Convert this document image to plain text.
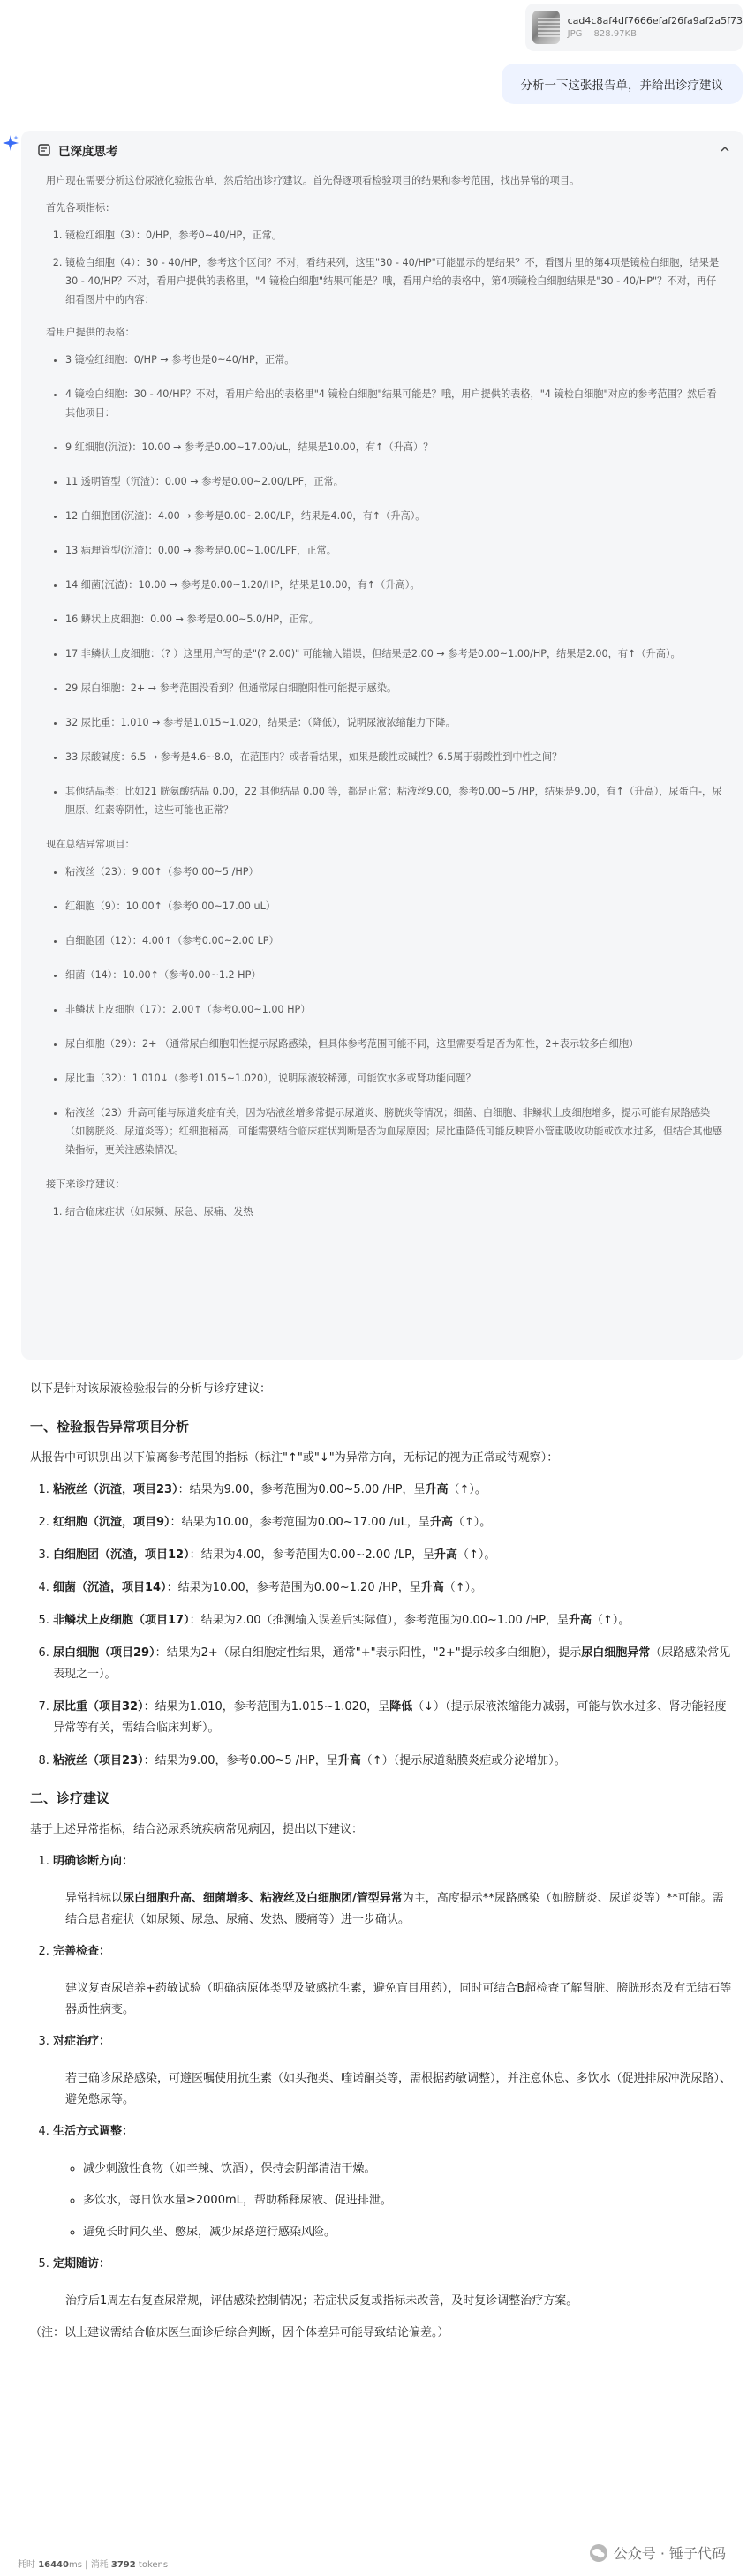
cad4c8af4df7666efaf26fa9af2a5f73
JPG 828.97KB
分析一下这张报告单，并给出诊疗建议
已深度思考

用户现在需要分析这份尿液化验报告单，然后给出诊疗建议。首先得逐项看检验项目的结果和参考范围，找出异常的项目。

首先各项指标：

1. 镜检红细胞（3）：0/HP，参考0~40/HP，正常。
2. 镜检白细胞（4）：30 - 40/HP，参考这个区间？不对，看结果列，这里"30 - 40/HP"可能显示的是结果？不，看图片里的第4项是镜检白细胞，结果是30 - 40/HP？不对，看用户提供的表格里，"4 镜检白细胞"结果可能是？哦，看用户给的表格中，第4项镜检白细胞结果是"30 - 40/HP"？不对，再仔细看图片中的内容：

看用户提供的表格：

• 3 镜检红细胞：0/HP → 参考也是0~40/HP，正常。
• 4 镜检白细胞：30 - 40/HP？不对，看用户给出的表格里"4 镜检白细胞"结果可能是？哦，用户提供的表格，"4 镜检白细胞"对应的参考范围？然后看其他项目：
• 9 红细胞(沉渣)：10.00 → 参考是0.00~17.00/uL，结果是10.00，有↑（升高）？
• 11 透明管型（沉渣）：0.00 → 参考是0.00~2.00/LPF，正常。
• 12 白细胞团(沉渣)：4.00 → 参考是0.00~2.00/LP，结果是4.00，有↑（升高）。
• 13 病理管型(沉渣)：0.00 → 参考是0.00~1.00/LPF，正常。
• 14 细菌(沉渣)：10.00 → 参考是0.00~1.20/HP，结果是10.00，有↑（升高）。
• 16 鳞状上皮细胞：0.00 → 参考是0.00~5.0/HP，正常。
• 17 非鳞状上皮细胞：（? ）这里用户写的是"(? 2.00)" 可能输入错误，但结果是2.00 → 参考是0.00~1.00/HP，结果是2.00，有↑（升高）。
• 29 尿白细胞：2+ → 参考范围没看到？但通常尿白细胞阳性可能提示感染。
• 32 尿比重：1.010 → 参考是1.015~1.020，结果是：（降低），说明尿液浓缩能力下降。
• 33 尿酸碱度：6.5 → 参考是4.6~8.0，在范围内？或者看结果，如果是酸性或碱性？6.5属于弱酸性到中性之间？
• 其他结晶类：比如21 胱氨酸结晶 0.00，22 其他结晶 0.00 等，都是正常；粘液丝9.00，参考0.00~5 /HP，结果是9.00，有↑（升高），尿蛋白-，尿胆原、红素等阴性，这些可能也正常？

现在总结异常项目：

• 粘液丝（23）：9.00↑（参考0.00~5 /HP）
• 红细胞（9）：10.00↑（参考0.00~17.00 uL）
• 白细胞团（12）：4.00↑（参考0.00~2.00 LP）
• 细菌（14）：10.00↑（参考0.00~1.2 HP）
• 非鳞状上皮细胞（17）：2.00↑（参考0.00~1.00 HP）
• 尿白细胞（29）：2+ （通常尿白细胞阳性提示尿路感染，但具体参考范围可能不同，这里需要看是否为阳性，2+表示较多白细胞）
• 尿比重（32）：1.010↓（参考1.015~1.020），说明尿液较稀薄，可能饮水多或肾功能问题？
• 粘液丝（23）升高可能与尿道炎症有关，因为粘液丝增多常提示尿道炎、膀胱炎等情况；细菌、白细胞、非鳞状上皮细胞增多，提示可能有尿路感染（如膀胱炎、尿道炎等）；红细胞稍高，可能需要结合临床症状判断是否为血尿原因；尿比重降低可能反映肾小管重吸收功能或饮水过多，但结合其他感染指标，更关注感染情况。

接下来诊疗建议：

1. 结合临床症状（如尿频、尿急、尿痛、发热
以下是针对该尿液检验报告的分析与诊疗建议：
一、检验报告异常项目分析
从报告中可识别出以下偏离参考范围的指标（标注"↑"或"↓"为异常方向，无标记的视为正常或待观察）：
1. 粘液丝（沉渣，项目23）：结果为9.00，参考范围为0.00~5.00 /HP，呈升高（↑）。
2. 红细胞（沉渣，项目9）：结果为10.00，参考范围为0.00~17.00 /uL，呈升高（↑）。
3. 白细胞团（沉渣，项目12）：结果为4.00，参考范围为0.00~2.00 /LP，呈升高（↑）。
4. 细菌（沉渣，项目14）：结果为10.00，参考范围为0.00~1.20 /HP，呈升高（↑）。
5. 非鳞状上皮细胞（项目17）：结果为2.00（推测输入误差后实际值），参考范围为0.00~1.00 /HP，呈升高（↑）。
6. 尿白细胞（项目29）：结果为2+（尿白细胞定性结果，通常"+"表示阳性，"2+"提示较多白细胞），提示尿白细胞异常（尿路感染常见表现之一）。
7. 尿比重（项目32）：结果为1.010，参考范围为1.015~1.020，呈降低（↓）（提示尿液浓缩能力减弱，可能与饮水过多、肾功能轻度异常等有关，需结合临床判断）。
8. 粘液丝（项目23）：结果为9.00，参考0.00~5 /HP，呈升高（↑）（提示尿道黏膜炎症或分泌增加）。
二、诊疗建议
基于上述异常指标，结合泌尿系统疾病常见病因，提出以下建议：
1. 明确诊断方向：
异常指标以尿白细胞升高、细菌增多、粘液丝及白细胞团/管型异常为主，高度提示**尿路感染（如膀胱炎、尿道炎等）**可能。需结合患者症状（如尿频、尿急、尿痛、发热、腰痛等）进一步确认。
2. 完善检查：
建议复查尿培养+药敏试验（明确病原体类型及敏感抗生素，避免盲目用药），同时可结合B超检查了解肾脏、膀胱形态及有无结石等器质性病变。
3. 对症治疗：
若已确诊尿路感染，可遵医嘱使用抗生素（如头孢类、喹诺酮类等，需根据药敏调整），并注意休息、多饮水（促进排尿冲洗尿路）、避免憋尿等。
4. 生活方式调整：
◦ 减少刺激性食物（如辛辣、饮酒），保持会阴部清洁干燥。
◦ 多饮水，每日饮水量≥2000mL，帮助稀释尿液、促进排泄。
◦ 避免长时间久坐、憋尿，减少尿路逆行感染风险。
5. 定期随访：
治疗后1周左右复查尿常规，评估感染控制情况；若症状反复或指标未改善，及时复诊调整治疗方案。
（注：以上建议需结合临床医生面诊后综合判断，因个体差异可能导致结论偏差。）
耗时 16440ms | 消耗 3792 tokens
公众号 · 锤子代码
